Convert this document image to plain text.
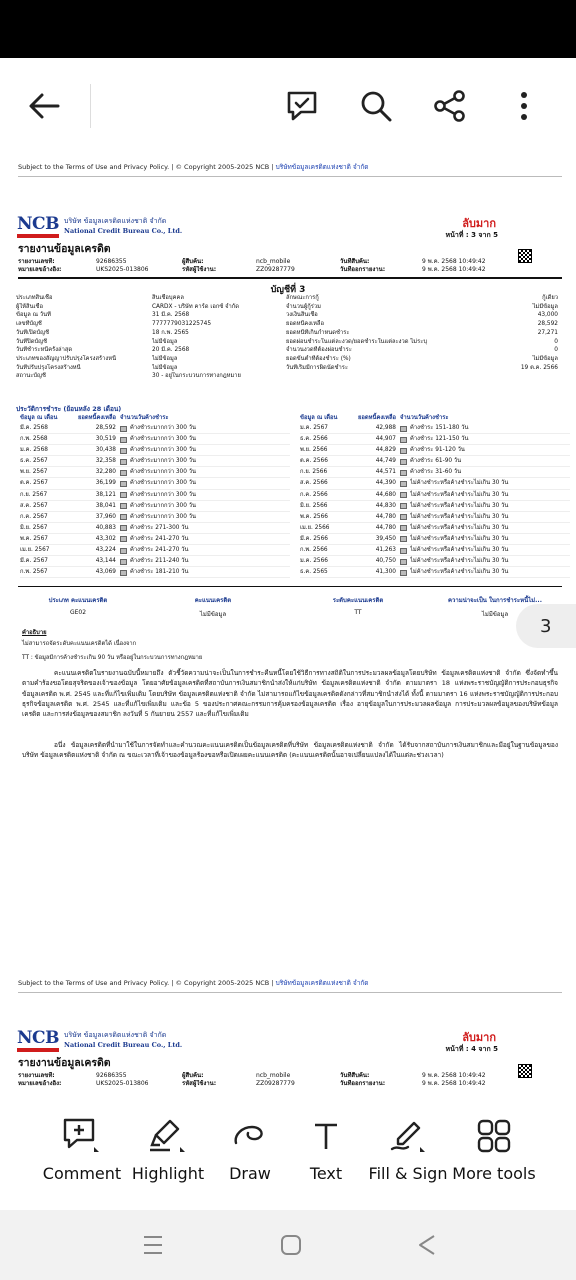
Subject to the Terms of Use and Privacy Policy. | © Copyright 2005-2025 NCB | บริษัทข้อมูลเครดิตแห่งชาติ จำกัด
NCB บริษัท ข้อมูลเครดิตแห่งชาติ จำกัด
National Credit Bureau Co., Ltd.
ลับมาก
หน้าที่ : 3 จาก 5
รายงานข้อมูลเครดิต
รายงานเลขที่:	92686355	ผู้สืบค้น:	ncb_mobile	วันที่สืบค้น:	9 พ.ค. 2568 10:49:42
หมายเลขอ้างอิง:	UKS2025-013806	รหัสผู้ใช้งาน:	ZZ09287779	วันที่ออกรายงาน:	9 พ.ค. 2568 10:49:42
บัญชีที่ 3
ประเภทสินเชื่อ	สินเชื่อบุคคล
ผู้ให้สินเชื่อ	CARDX - บริษัท คาร์ด เอกซ์ จำกัด
ข้อมูล ณ วันที่	31 มี.ค. 2568
เลขที่บัญชี	7777779031225745
วันที่เปิดบัญชี	18 ก.พ. 2565
วันที่ปิดบัญชี	ไม่มีข้อมูล
วันที่ชำระหนี้ครั้งล่าสุด	20 มี.ค. 2568
ประเภทของสัญญาปรับปรุงโครงสร้างหนี้	ไม่มีข้อมูล
วันที่ปรับปรุงโครงสร้างหนี้	ไม่มีข้อมูล
สถานะบัญชี	30 - อยู่ในกระบวนการทางกฎหมาย
ลักษณะการกู้	กู้เดี่ยว
จำนวนผู้กู้ร่วม	ไม่มีข้อมูล
วงเงินสินเชื่อ	43,000
ยอดหนี้คงเหลือ	28,592
ยอดหนี้ที่เกินกำหนดชำระ	27,271
ยอดผ่อนชำระในแต่ละงวด/ยอดชำระในแต่ละงวด ไม่ระบุ	0
จำนวนงวดที่ต้องผ่อนชำระ	0
ยอดขั้นต่ำที่ต้องชำระ (%)	ไม่มีข้อมูล
วันที่เริ่มมีการผิดนัดชำระ	19 ต.ค. 2566
ประวัติการชำระ (ย้อนหลัง 28 เดือน)
ข้อมูล ณ เดือน	ยอดหนี้คงเหลือ จำนวนวันค้างชำระ
มี.ค. 2568	28,592	ค้างชำระมากกว่า 300 วัน
ก.พ. 2568	30,519	ค้างชำระมากกว่า 300 วัน
ม.ค. 2568	30,438	ค้างชำระมากกว่า 300 วัน
ธ.ค. 2567	32,358	ค้างชำระมากกว่า 300 วัน
พ.ย. 2567	32,280	ค้างชำระมากกว่า 300 วัน
ต.ค. 2567	36,199	ค้างชำระมากกว่า 300 วัน
ก.ย. 2567	38,121	ค้างชำระมากกว่า 300 วัน
ส.ค. 2567	38,041	ค้างชำระมากกว่า 300 วัน
ก.ค. 2567	37,960	ค้างชำระมากกว่า 300 วัน
มิ.ย. 2567	40,883	ค้างชำระ 271-300 วัน
พ.ค. 2567	43,302	ค้างชำระ 241-270 วัน
เม.ย. 2567	43,224	ค้างชำระ 241-270 วัน
มี.ค. 2567	43,144	ค้างชำระ 211-240 วัน
ก.พ. 2567	43,069	ค้างชำระ 181-210 วัน
ข้อมูล ณ เดือน	ยอดหนี้คงเหลือ จำนวนวันค้างชำระ
ม.ค. 2567	42,988	ค้างชำระ 151-180 วัน
ธ.ค. 2566	44,907	ค้างชำระ 121-150 วัน
พ.ย. 2566	44,829	ค้างชำระ 91-120 วัน
ต.ค. 2566	44,749	ค้างชำระ 61-90 วัน
ก.ย. 2566	44,571	ค้างชำระ 31-60 วัน
ส.ค. 2566	44,390	ไม่ค้างชำระหรือค้างชำระไม่เกิน 30 วัน
ก.ค. 2566	44,680	ไม่ค้างชำระหรือค้างชำระไม่เกิน 30 วัน
มิ.ย. 2566	44,830	ไม่ค้างชำระหรือค้างชำระไม่เกิน 30 วัน
พ.ค. 2566	44,780	ไม่ค้างชำระหรือค้างชำระไม่เกิน 30 วัน
เม.ย. 2566	44,780	ไม่ค้างชำระหรือค้างชำระไม่เกิน 30 วัน
มี.ค. 2566	39,450	ไม่ค้างชำระหรือค้างชำระไม่เกิน 30 วัน
ก.พ. 2566	41,263	ไม่ค้างชำระหรือค้างชำระไม่เกิน 30 วัน
ม.ค. 2566	40,750	ไม่ค้างชำระหรือค้างชำระไม่เกิน 30 วัน
ธ.ค. 2565	41,300	ไม่ค้างชำระหรือค้างชำระไม่เกิน 30 วัน
ประเภท คะแนนเครดิต	คะแนนเครดิต	ระดับคะแนนเครดิต	ความน่าจะเป็น ในการชำระหนี้ไม่...
GE02	ไม่มีข้อมูล	TT	ไม่มีข้อมูล
คำอธิบาย
ไม่สามารถจัดระดับคะแนนเครดิตได้ เนื่องจาก
TT : ข้อมูลมีการค้างชำระเกิน 90 วัน หรืออยู่ในกระบวนการทางกฎหมาย
คะแนนเครดิตในรายงานฉบับนี้หมายถึง ตัวชี้วัดความน่าจะเป็นในการชำระคืนหนี้โดยใช้วิธีการทางสถิติในการประมวลผลข้อมูลโดยบริษัท ข้อมูลเครดิตแห่งชาติ จำกัด ซึ่งจัดทำขึ้นตามคำร้องขอโดยสุจริตของเจ้าของข้อมูล โดยอาศัยข้อมูลเครดิตที่สถาบันการเงินสมาชิกนำส่งให้แก่บริษัท ข้อมูลเครดิตแห่งชาติ จำกัด ตามมาตรา 18 แห่งพระราชบัญญัติการประกอบธุรกิจข้อมูลเครดิต พ.ศ. 2545 และที่แก้ไขเพิ่มเติม โดยบริษัท ข้อมูลเครดิตแห่งชาติ จำกัด ไม่สามารถแก้ไขข้อมูลเครดิตดังกล่าวที่สมาชิกนำส่งได้ ทั้งนี้ ตามมาตรา 16 แห่งพระราชบัญญัติการประกอบธุรกิจข้อมูลเครดิต พ.ศ. 2545 และที่แก้ไขเพิ่มเติม และข้อ 5 ของประกาศคณะกรรมการคุ้มครองข้อมูลเครดิต เรื่อง อายุข้อมูลในการประมวลผลข้อมูล การประมวลผลข้อมูลของบริษัทข้อมูลเครดิต และการส่งข้อมูลของสมาชิก ลงวันที่ 5 กันยายน 2557 และที่แก้ไขเพิ่มเติม
อนึ่ง ข้อมูลเครดิตที่นำมาใช้ในการจัดทำและคำนวณคะแนนเครดิตเป็นข้อมูลเครดิตที่บริษัท ข้อมูลเครดิตแห่งชาติ จำกัด ได้รับจากสถาบันการเงินสมาชิกและมีอยู่ในฐานข้อมูลของบริษัท ข้อมูลเครดิตแห่งชาติ จำกัด ณ ขณะเวลาที่เจ้าของข้อมูลร้องขอหรือเปิดเผยคะแนนเครดิต (คะแนนเครดิตนั้นอาจเปลี่ยนแปลงได้ในแต่ละช่วงเวลา)
Subject to the Terms of Use and Privacy Policy. | © Copyright 2005-2025 NCB | บริษัทข้อมูลเครดิตแห่งชาติ จำกัด
NCB บริษัท ข้อมูลเครดิตแห่งชาติ จำกัด
National Credit Bureau Co., Ltd.
ลับมาก
หน้าที่ : 4 จาก 5
รายงานข้อมูลเครดิต
รายงานเลขที่:	92686355	ผู้สืบค้น:	ncb_mobile	วันที่สืบค้น:	9 พ.ค. 2568 10:49:42
หมายเลขอ้างอิง:	UKS2025-013806	รหัสผู้ใช้งาน:	ZZ09287779	วันที่ออกรายงาน:	9 พ.ค. 2568 10:49:42
3
Comment Highlight	Draw	Text	Fill & Sign More tools
